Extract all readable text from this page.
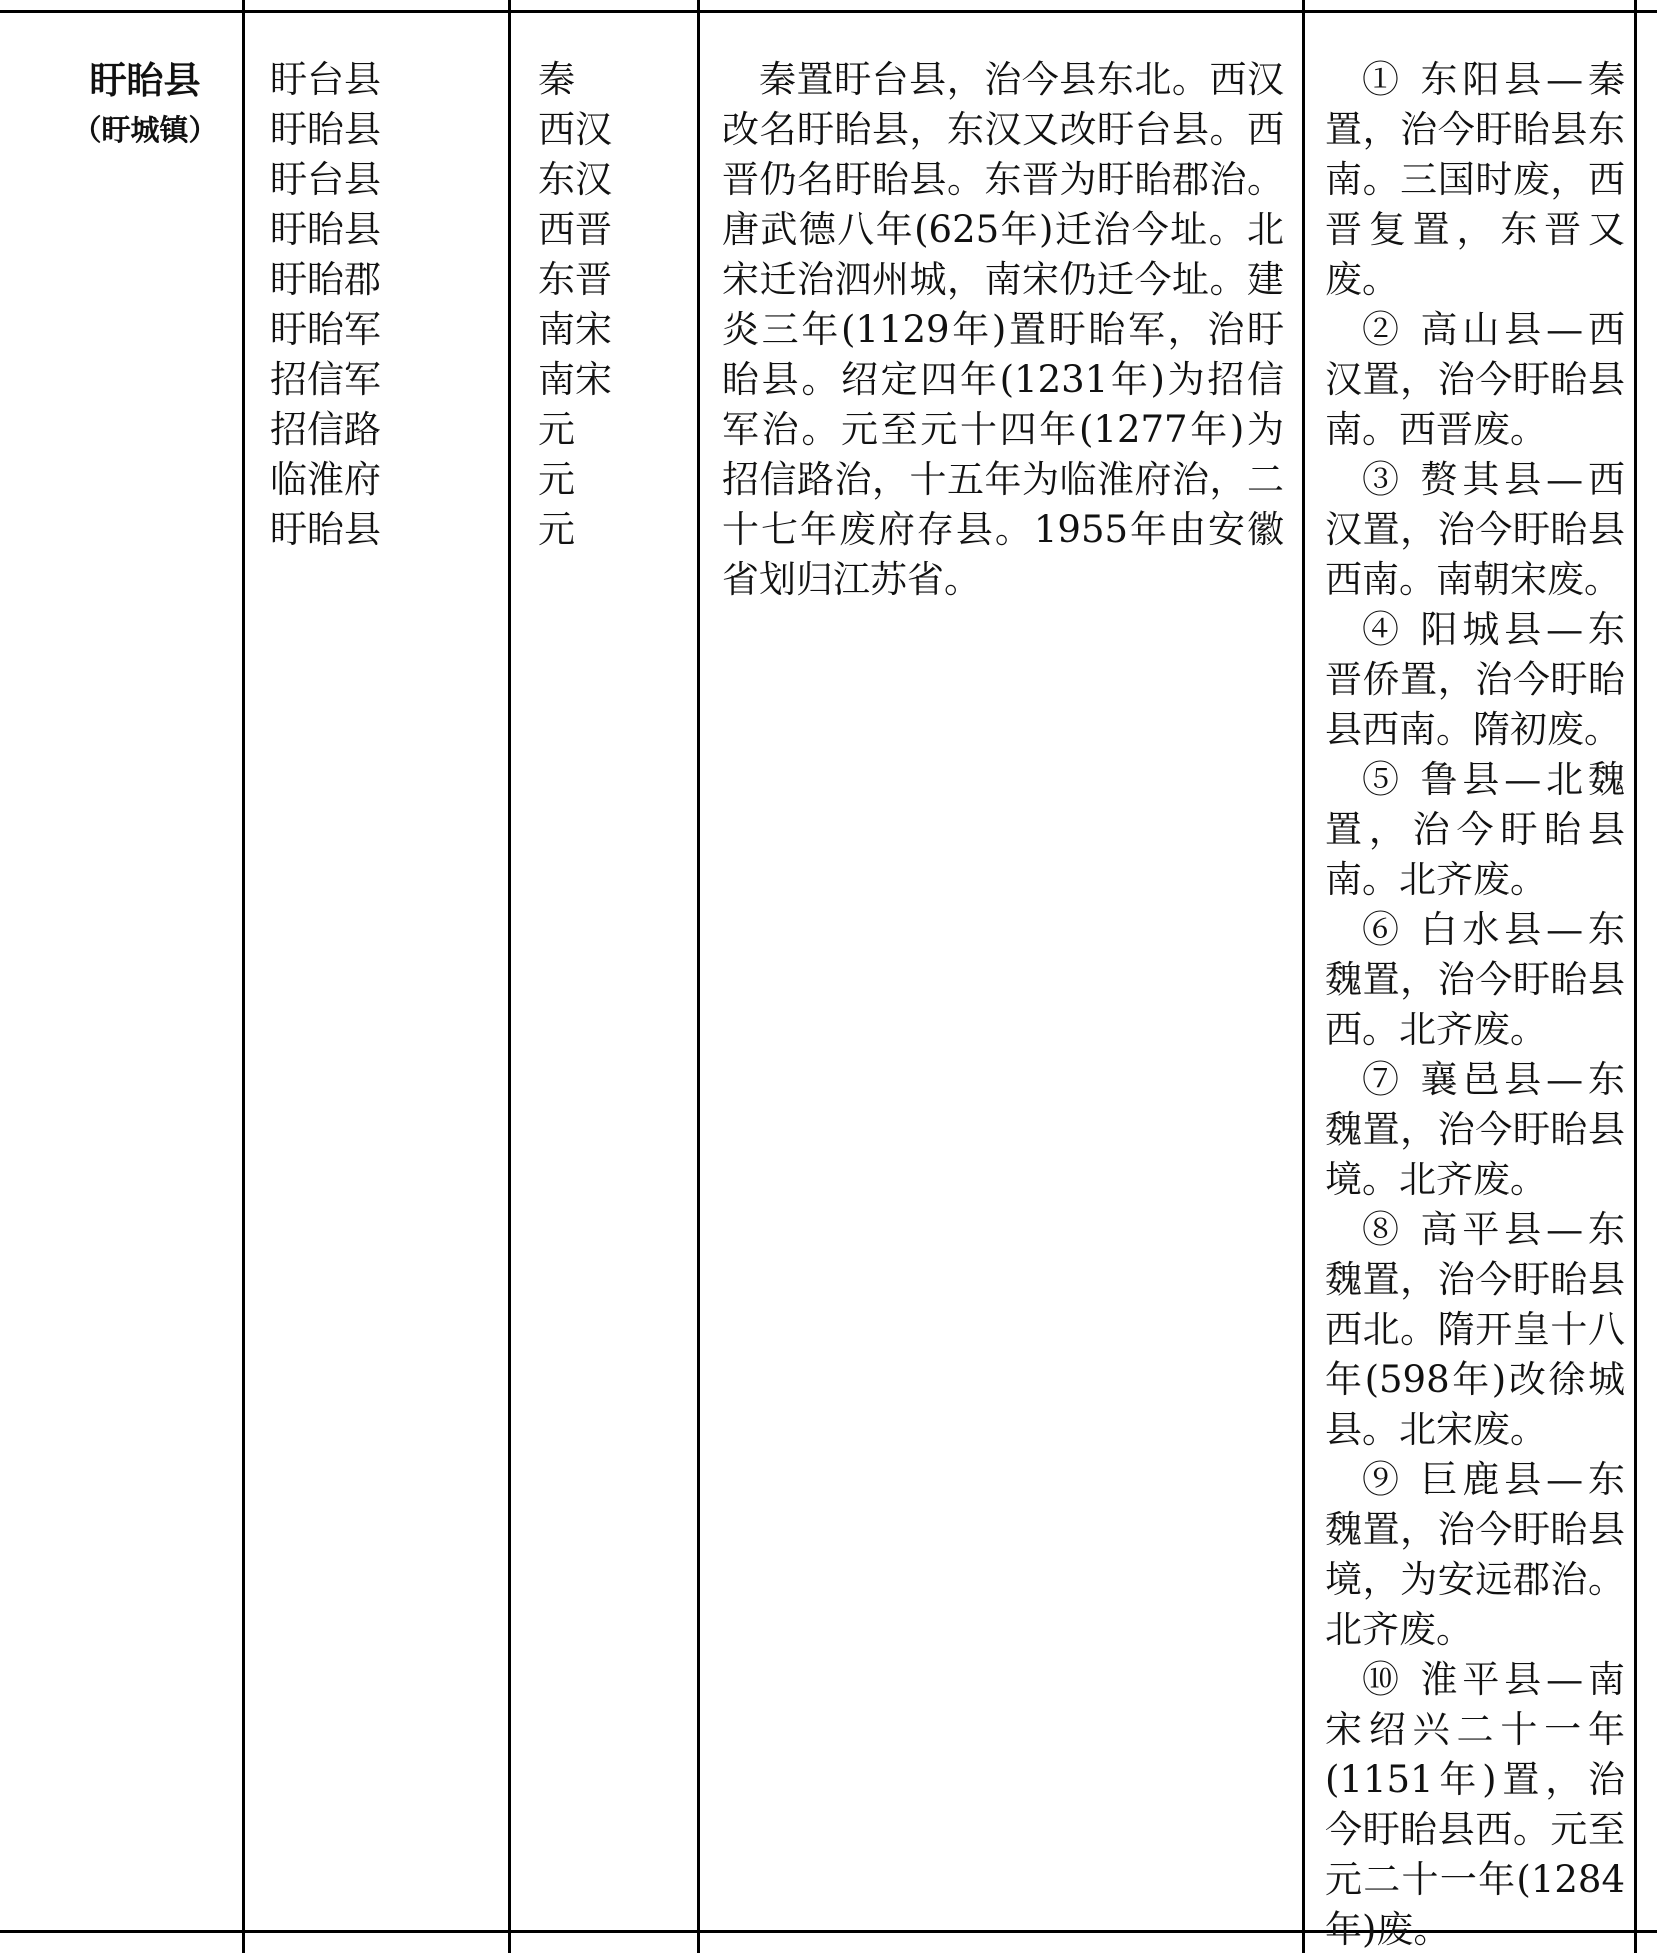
盱眙县
（盱城镇）
盱台县
盱眙县
盱台县
盱眙县
盱眙郡
盱眙军
招信军
招信路
临淮府
盱眙县
秦
西汉
东汉
西晋
东晋
南宋
南宋
元
元
元

秦置盱台县，治今县东北。西汉改名盱眙县，东汉又改盱台县。西晋仍名盱眙县。东晋为盱眙郡治。唐武德八年(625年)迁治今址。北宋迁治泗州城，南宋仍迁今址。建炎三年(1129年)置盱眙军，治盱眙县。绍定四年(1231年)为招信军治。元至元十四年(1277年)为招信路治，十五年为临淮府治，二十七年废府存县。1955年由安徽省划归江苏省。

① 东阳县—秦置，治今盱眙县东南。三国时废，西晋复置，东晋又废。

② 高山县—西汉置，治今盱眙县南。西晋废。

③ 赘其县—西汉置，治今盱眙县西南。南朝宋废。

④ 阳城县—东晋侨置，治今盱眙县西南。隋初废。

⑤ 鲁县—北魏置，治今盱眙县南。北齐废。

⑥ 白水县—东魏置，治今盱眙县西。北齐废。

⑦ 襄邑县—东魏置，治今盱眙县境。北齐废。

⑧ 高平县—东魏置，治今盱眙县西北。隋开皇十八年(598年)改徐城县。北宋废。

⑨ 巨鹿县—东魏置，治今盱眙县境，为安远郡治。北齐废。

⑩ 淮平县—南宋绍兴二十一年(1151年)置，治今盱眙县西。元至元二十一年(1284年)废。
